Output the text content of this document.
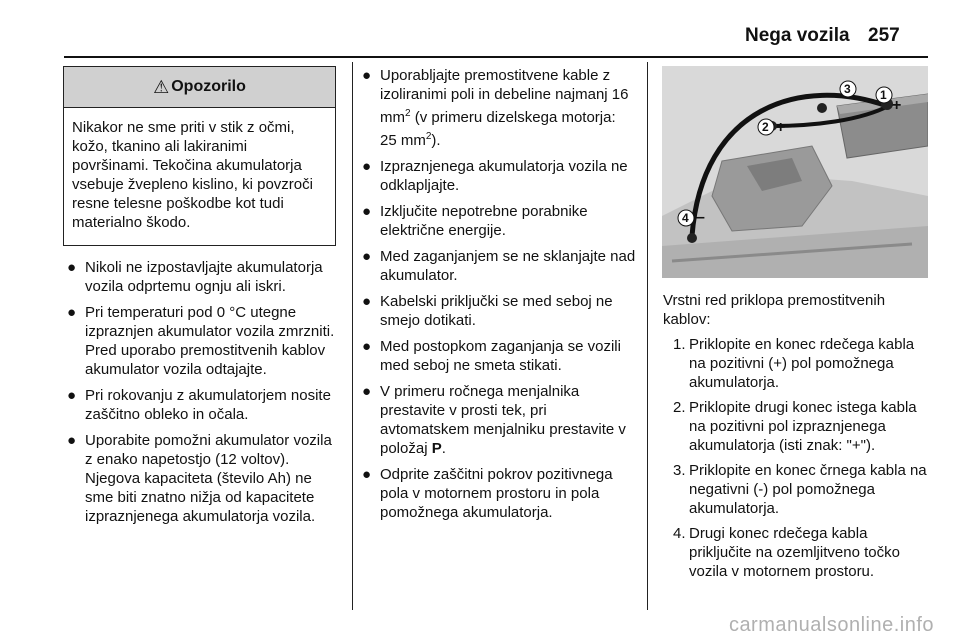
Nega vozila 257
⚠ Opozorilo
Nikakor ne sme priti v stik z očmi, kožo, tkanino ali lakiranimi površinami. Tekočina akumulatorja vsebuje žvepleno kislino, ki povzroči resne telesne poškodbe kot tudi materialno škodo.
● Nikoli ne izpostavljajte akumulatorja vozila odprtemu ognju ali iskri.
● Pri temperaturi pod 0 °C utegne izpraznjen akumulator vozila zmrzniti. Pred uporabo premostitvenih kablov akumulator vozila odtajajte.
● Pri rokovanju z akumulatorjem nosite zaščitno obleko in očala.
● Uporabite pomožni akumulator vozila z enako napetostjo (12 voltov). Njegova kapaciteta (število Ah) ne sme biti znatno nižja od kapacitete izpraznjenega akumulatorja vozila.
● Uporabljajte premostitvene kable z izoliranimi poli in debeline najmanj 16 $mm^2$ (v primeru dizelskega motorja: 25 $mm^2$).
● Izpraznjenega akumulatorja vozila ne odklapljajte.
● Izključite nepotrebne porabnike električne energije.
● Med zaganjanjem se ne sklanjajte nad akumulator.
● Kabelski priključki se med seboj ne smejo dotikati.
● Med postopkom zaganjanja se vozili med seboj ne smeta stikati.
● V primeru ročnega menjalnika prestavite v prosti tek, pri avtomatskem menjalniku prestavite v položaj P.
● Odprite zaščitni pokrov pozitivnega pola v motornem prostoru in pola pomožnega akumulatorja.
1
+
3
–
2 +
4 –
Vrstni red priklopa premostitvenih kablov:
1. Priklopite en konec rdečega kabla na pozitivni (+) pol pomožnega akumulatorja.
2. Priklopite drugi konec istega kabla na pozitivni pol izpraznjenega akumulatorja (isti znak: "+").
3. Priklopite en konec črnega kabla na negativni (-) pol pomožnega akumulatorja.
4. Drugi konec rdečega kabla priključite na ozemljitveno točko vozila v motornem prostoru.
carmanualsonline.info
